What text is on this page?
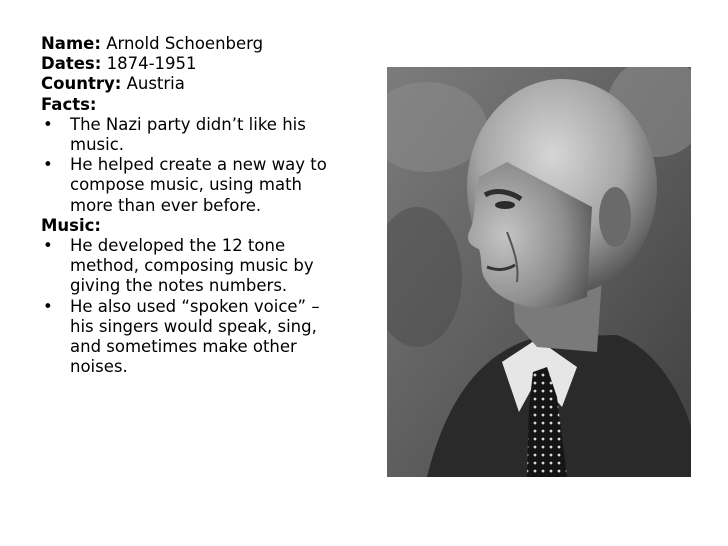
Name: Arnold Schoenberg
Dates: 1874-1951
Country: Austria
Facts:
• The Nazi party didn’t like his
music.
• He helped create a new way to
compose music, using math
more than ever before.
Music:
• He developed the 12 tone
method, composing music by
giving the notes numbers.
• He also used “spoken voice” –
his singers would speak, sing,
and sometimes make other
noises.
